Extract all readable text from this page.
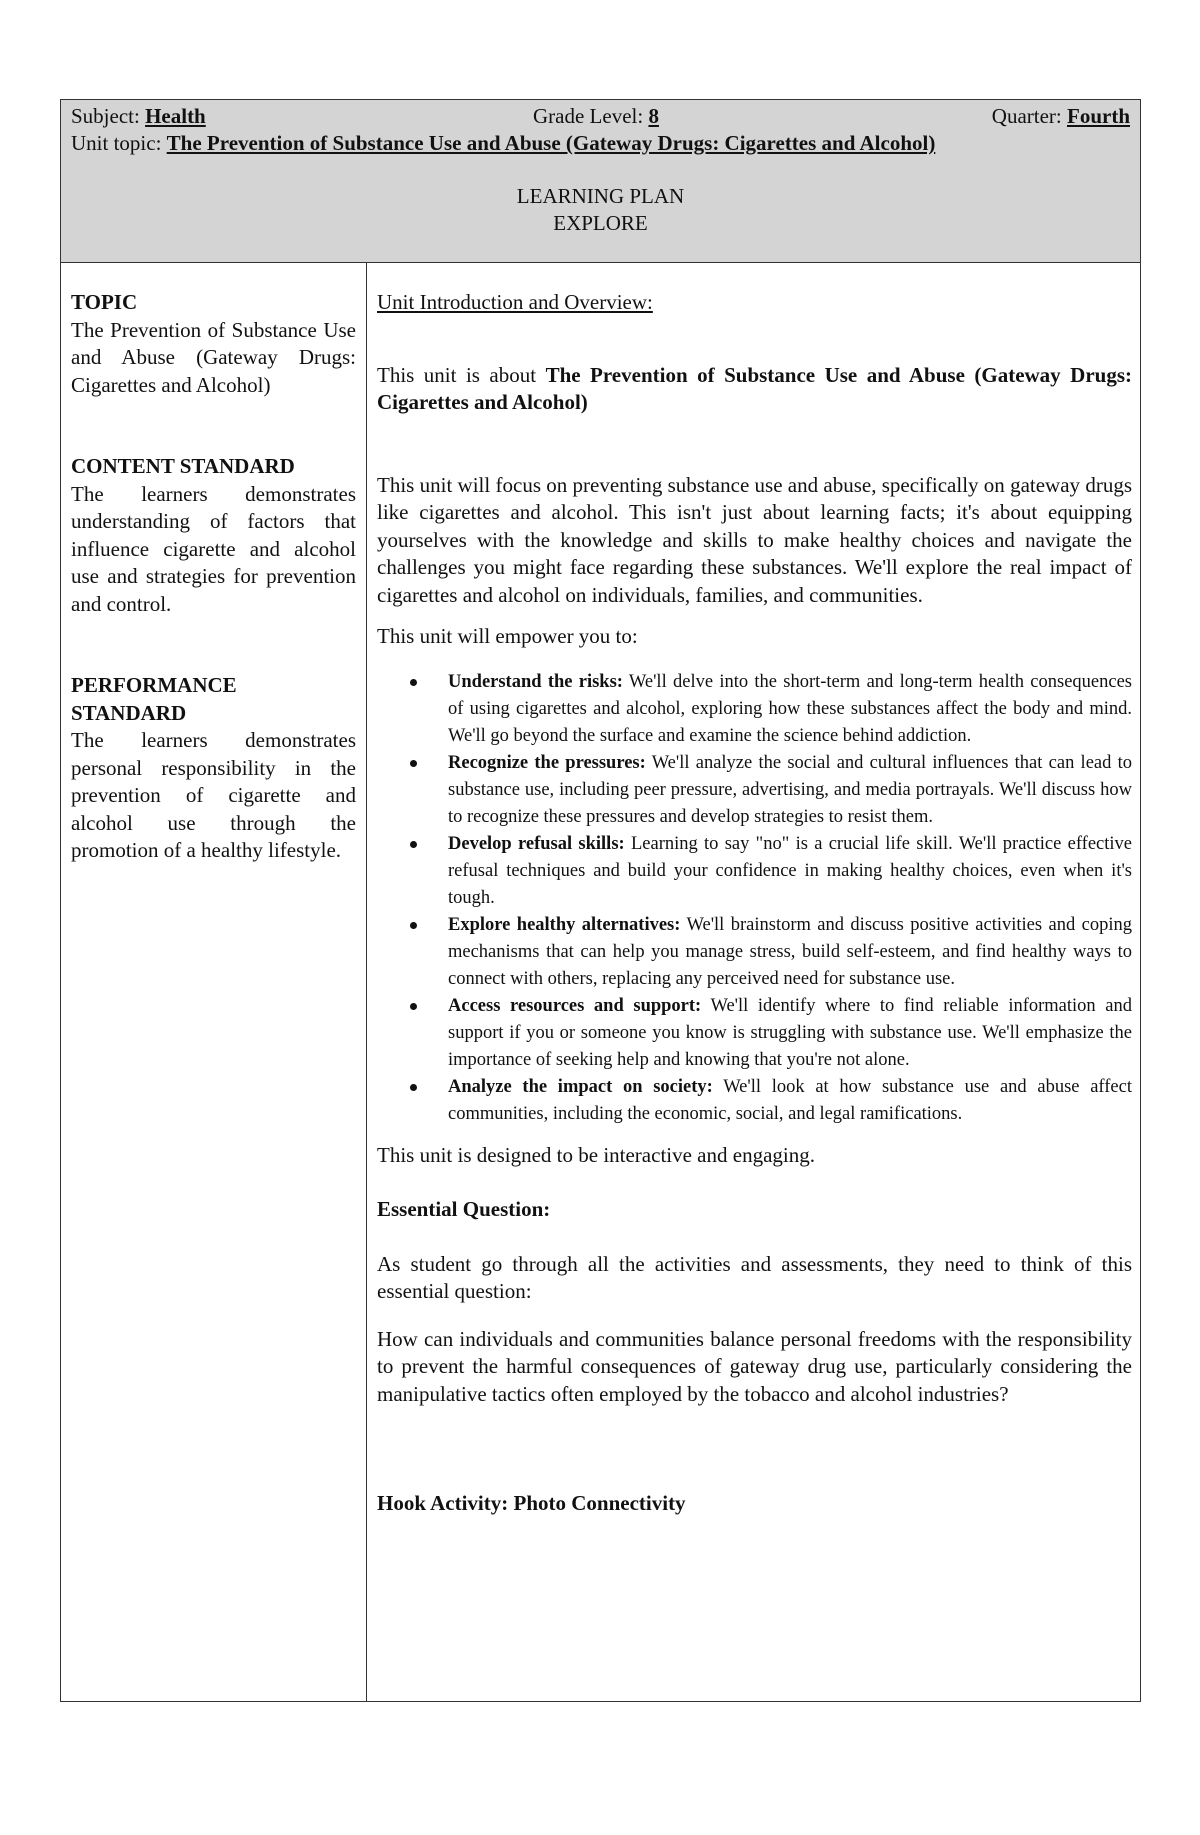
Subject: Health	Grade Level: 8	Quarter: Fourth
Unit topic: The Prevention of Substance Use and Abuse (Gateway Drugs: Cigarettes and Alcohol)
LEARNING PLAN
EXPLORE
TOPIC
The Prevention of Substance Use and Abuse (Gateway Drugs: Cigarettes and Alcohol)
CONTENT STANDARD
The learners demonstrates understanding of factors that influence cigarette and alcohol use and strategies for prevention and control.
PERFORMANCE STANDARD
The learners demonstrates personal responsibility in the prevention of cigarette and alcohol use through the promotion of a healthy lifestyle.

Unit Introduction and Overview:

This unit is about The Prevention of Substance Use and Abuse (Gateway Drugs: Cigarettes and Alcohol)

This unit will focus on preventing substance use and abuse, specifically on gateway drugs like cigarettes and alcohol. This isn't just about learning facts; it's about equipping yourselves with the knowledge and skills to make healthy choices and navigate the challenges you might face regarding these substances. We'll explore the real impact of cigarettes and alcohol on individuals, families, and communities.

This unit will empower you to:

Understand the risks: We'll delve into the short-term and long-term health consequences of using cigarettes and alcohol, exploring how these substances affect the body and mind. We'll go beyond the surface and examine the science behind addiction.
Recognize the pressures: We'll analyze the social and cultural influences that can lead to substance use, including peer pressure, advertising, and media portrayals. We'll discuss how to recognize these pressures and develop strategies to resist them.
Develop refusal skills: Learning to say "no" is a crucial life skill. We'll practice effective refusal techniques and build your confidence in making healthy choices, even when it's tough.
Explore healthy alternatives: We'll brainstorm and discuss positive activities and coping mechanisms that can help you manage stress, build self-esteem, and find healthy ways to connect with others, replacing any perceived need for substance use.
Access resources and support: We'll identify where to find reliable information and support if you or someone you know is struggling with substance use. We'll emphasize the importance of seeking help and knowing that you're not alone.
Analyze the impact on society: We'll look at how substance use and abuse affect communities, including the economic, social, and legal ramifications.

This unit is designed to be interactive and engaging.

Essential Question:

As student go through all the activities and assessments, they need to think of this essential question:

How can individuals and communities balance personal freedoms with the responsibility to prevent the harmful consequences of gateway drug use, particularly considering the manipulative tactics often employed by the tobacco and alcohol industries?

Hook Activity: Photo Connectivity
